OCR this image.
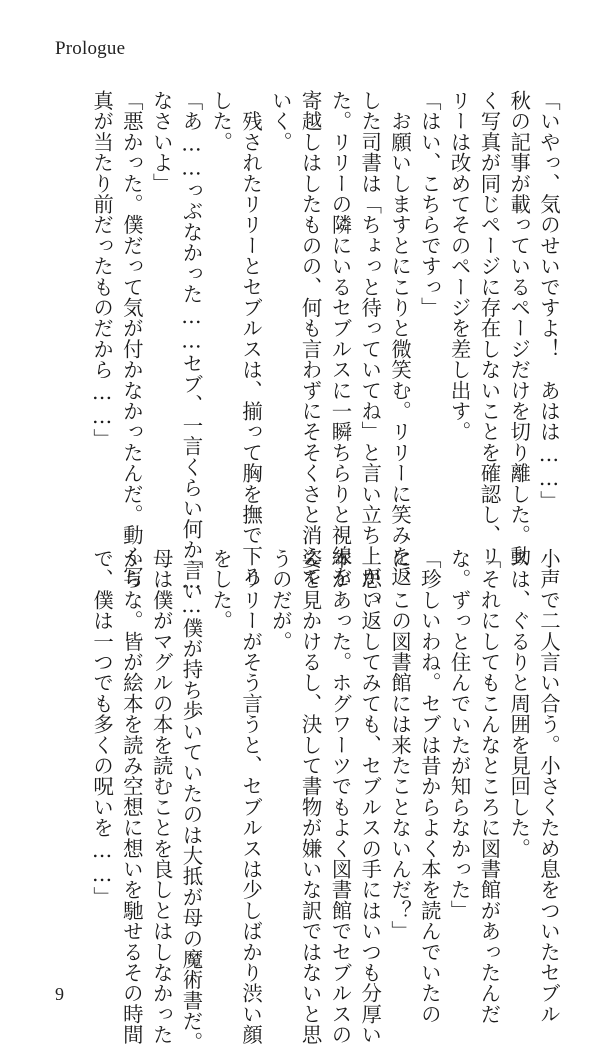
Prologue
「いやっ、気のせいですよ！　あはは……」
秋の記事が載っているページだけを切り離した。動
く写真が同じページに存在しないことを確認し、リ
リーは改めてそのページを差し出す。
「はい、こちらですっ」
　お願いしますとにこりと微笑む。リリーに笑みを返
した司書は「ちょっと待っていてね」と言い立ち上がっ
た。リリーの隣にいるセブルスに一瞬ちらりと視線を
寄越しはしたものの、何も言わずにそそくさと消えて
いく。
　残されたリリーとセブルスは、揃って胸を撫で下ろ
した。
「あ……っぶなかった……セブ、一言くらい何か言い
なさいよ」
「悪かった。僕だって気が付かなかったんだ。動く写
真が当たり前だったものだから……」
小声で二人言い合う。小さくため息をついたセブル
スは、ぐるりと周囲を見回した。
「それにしてもこんなところに図書館があったんだ
な。ずっと住んでいたが知らなかった」
「珍しいわね。セブは昔からよく本を読んでいたの
に、この図書館には来たことないんだ？」
　思い返してみても、セブルスの手にはいつも分厚い
本があった。ホグワーツでもよく図書館でセブルスの
姿を見かけるし、決して書物が嫌いな訳ではないと思
うのだが。
　リリーがそう言うと、セブルスは少しばかり渋い顔
をした。
「……僕が持ち歩いていたのは大抵が母の魔術書だ。
母は僕がマグルの本を読むことを良しとはしなかった
からな。皆が絵本を読み空想に想いを馳せるその時間
で、僕は一つでも多くの呪いを……」
9
